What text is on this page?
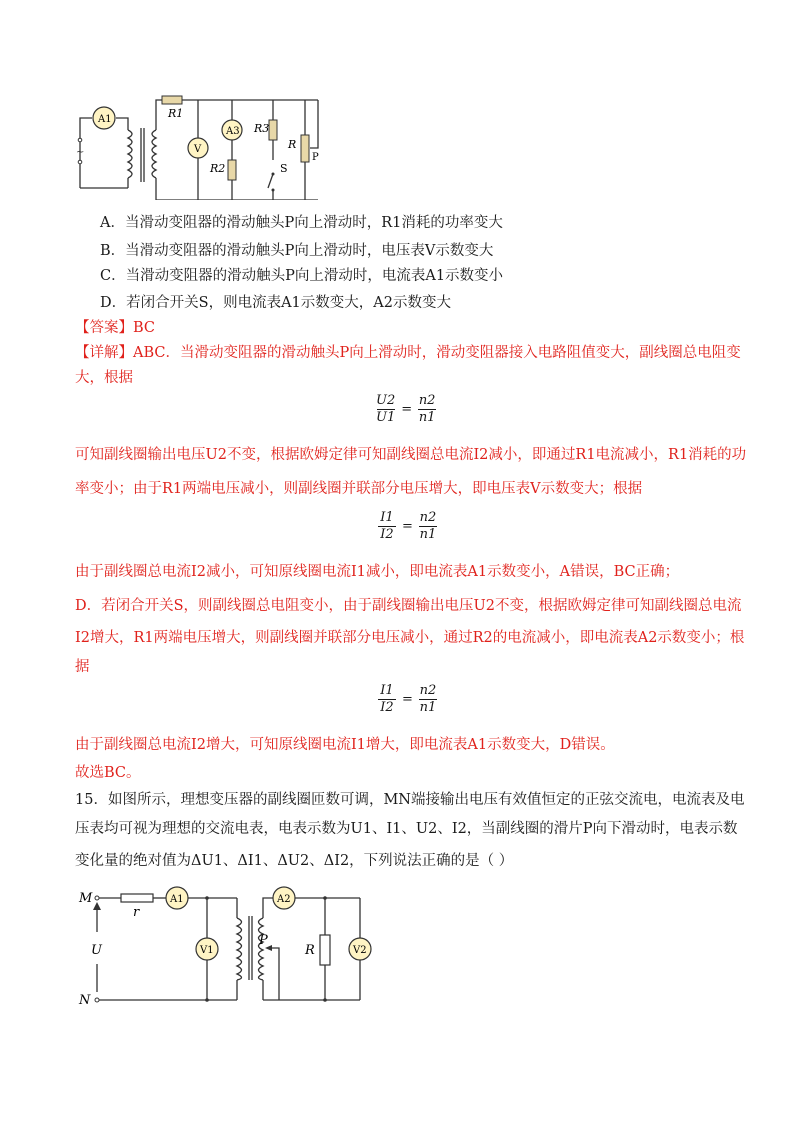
~
A1
V
A3
R1
R2
R3
S
R
P
A．当滑动变阻器的滑动触头P向上滑动时，R1消耗的功率变大
B．当滑动变阻器的滑动触头P向上滑动时，电压表V示数变大
C．当滑动变阻器的滑动触头P向上滑动时，电流表A1示数变小
D．若闭合开关S，则电流表A1示数变大，A2示数变大
【答案】BC
【详解】ABC．当滑动变阻器的滑动触头P向上滑动时，滑动变阻器接入电路阻值变大，副线圈总电阻变
大，根据
U2
U1
=
n2
n1
可知副线圈输出电压U2不变，根据欧姆定律可知副线圈总电流I2减小，即通过R1电流减小，R1消耗的功
率变小；由于R1两端电压减小，则副线圈并联部分电压增大，即电压表V示数变大；根据
I1
I2
=
n2
n1
由于副线圈总电流I2减小，可知原线圈电流I1减小，即电流表A1示数变小，A错误，BC正确；
D．若闭合开关S，则副线圈总电阻变小，由于副线圈输出电压U2不变，根据欧姆定律可知副线圈总电流
I2增大，R1两端电压增大，则副线圈并联部分电压减小，通过R2的电流减小，即电流表A2示数变小；根
据
I1
I2
=
n2
n1
由于副线圈总电流I2增大，可知原线圈电流I1增大，即电流表A1示数变大，D错误。
故选BC。
15．如图所示，理想变压器的副线圈匝数可调，MN端接输出电压有效值恒定的正弦交流电，电流表及电
压表均可视为理想的交流电表，电表示数为U1、I1、U2、I2，当副线圈的滑片P向下滑动时，电表示数
变化量的绝对值为ΔU1、ΔI1、ΔU2、ΔI2，下列说法正确的是（ ）
M
N
U
r
A1	A2
V1	V2
P
R
